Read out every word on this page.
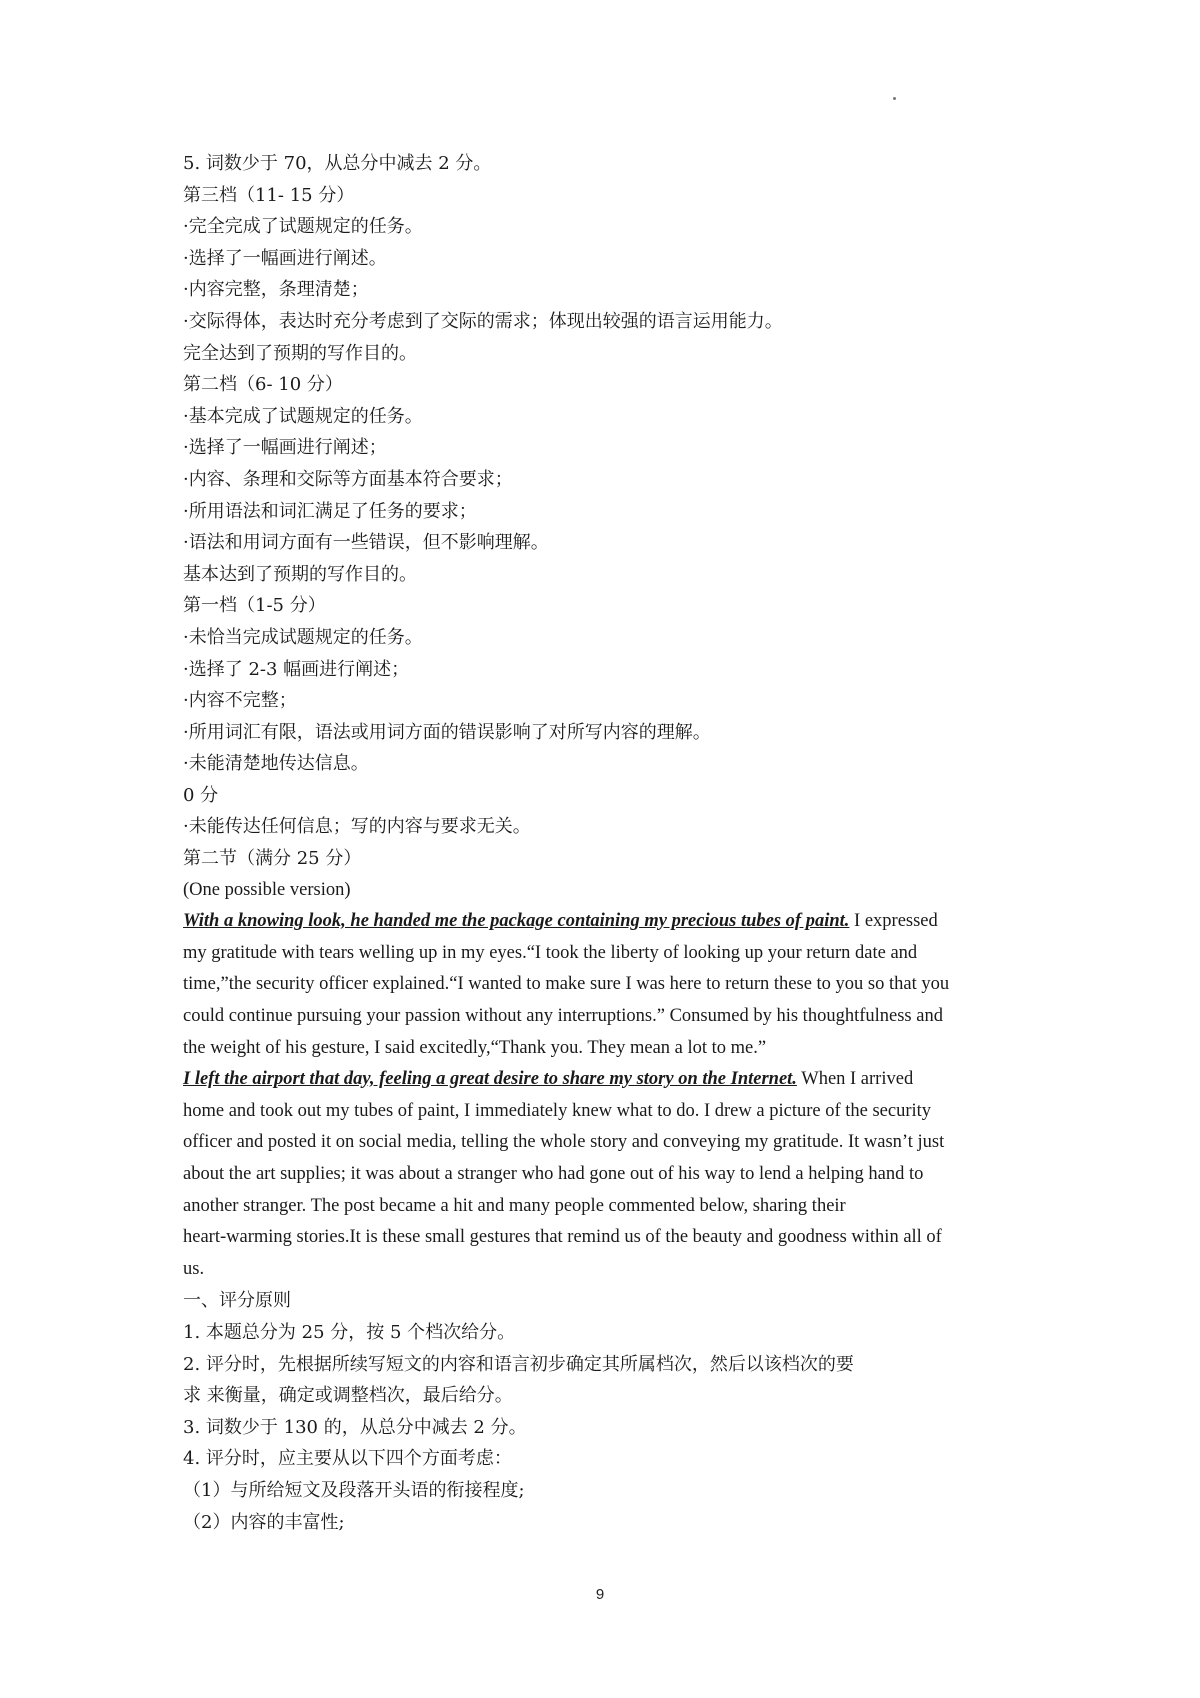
5. 词数少于 70，从总分中减去 2 分。
第三档（11- 15 分）
·完全完成了试题规定的任务。
·选择了一幅画进行阐述。
·内容完整，条理清楚；
·交际得体，表达时充分考虑到了交际的需求；体现出较强的语言运用能力。
完全达到了预期的写作目的。
第二档（6- 10 分）
·基本完成了试题规定的任务。
·选择了一幅画进行阐述；
·内容、条理和交际等方面基本符合要求；
·所用语法和词汇满足了任务的要求；
·语法和用词方面有一些错误，但不影响理解。
基本达到了预期的写作目的。
第一档（1-5 分）
·未恰当完成试题规定的任务。
·选择了 2-3 幅画进行阐述；
·内容不完整；
·所用词汇有限，语法或用词方面的错误影响了对所写内容的理解。
·未能清楚地传达信息。
0 分
·未能传达任何信息；写的内容与要求无关。
第二节（满分 25 分）
(One possible version)
With a knowing look, he handed me the package containing my precious tubes of paint. I expressed
my gratitude with tears welling up in my eyes.“I took the liberty of looking up your return date and
time,”the security officer explained.“I wanted to make sure I was here to return these to you so that you
could continue pursuing your passion without any interruptions.” Consumed by his thoughtfulness and
the weight of his gesture, I said excitedly,“Thank you. They mean a lot to me.”
I left the airport that day, feeling a great desire to share my story on the Internet. When I arrived
home and took out my tubes of paint, I immediately knew what to do. I drew a picture of the security
officer and posted it on social media, telling the whole story and conveying my gratitude. It wasn’t just
about the art supplies; it was about a stranger who had gone out of his way to lend a helping hand to
another stranger. The post became a hit and many people commented below, sharing their
heart-warming stories.It is these small gestures that remind us of the beauty and goodness within all of
us.
一、评分原则
1. 本题总分为 25 分，按 5 个档次给分。
2. 评分时，先根据所续写短文的内容和语言初步确定其所属档次，然后以该档次的要
求 来衡量，确定或调整档次，最后给分。
3. 词数少于 130 的，从总分中减去 2 分。
4. 评分时，应主要从以下四个方面考虑：
（1）与所给短文及段落开头语的衔接程度;
（2）内容的丰富性;
9
